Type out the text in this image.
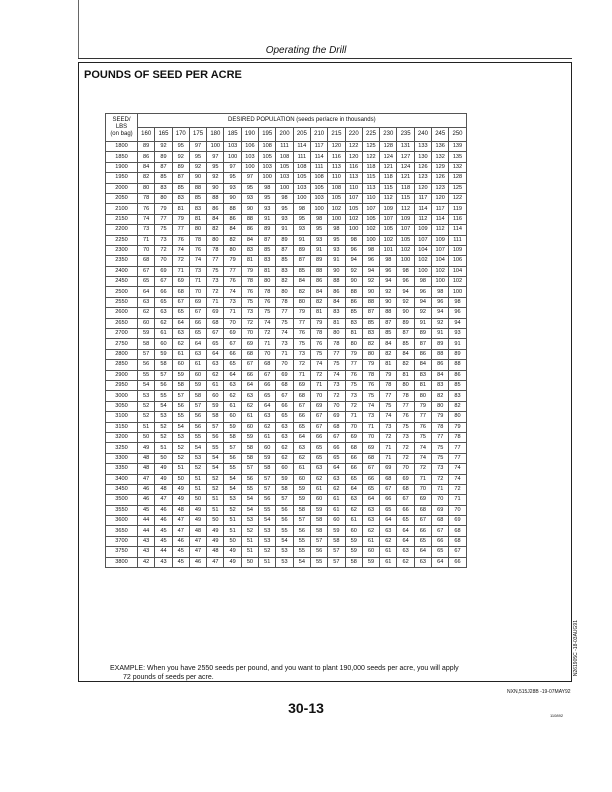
Operating the Drill
POUNDS OF SEED PER ACRE
SEED/
LBS
(on bag)	DESIRED POPULATION (seeds per/acre in thousands)																		
	160	165	170	175	180	185	190	195	200	205	210	215	220	225	230	235	240	245	250
1800	89	92	95	97	100	103	106	108	111	114	117	120	122	125	128	131	133	136	139
1850	86	89	92	95	97	100	103	105	108	111	114	116	120	122	124	127	130	132	135
1900	84	87	89	92	95	97	100	103	105	108	111	113	116	118	121	124	126	129	132
1950	82	85	87	90	92	95	97	100	103	105	108	110	113	115	118	121	123	126	128
2000	80	83	85	88	90	93	95	98	100	103	105	108	110	113	115	118	120	123	125
2050	78	80	83	85	88	90	93	95	98	100	103	105	107	110	112	115	117	120	122
2100	76	79	81	83	86	88	90	93	95	98	100	102	105	107	109	112	114	117	119
2150	74	77	79	81	84	86	88	91	93	95	98	100	102	105	107	109	112	114	116
2200	73	75	77	80	82	84	86	89	91	93	95	98	100	102	105	107	109	112	114
2250	71	73	76	78	80	82	84	87	89	91	93	95	98	100	102	105	107	109	111
2300	70	72	74	76	78	80	83	85	87	89	91	93	96	98	101	102	104	107	109
2350	68	70	72	74	77	79	81	83	85	87	89	91	94	96	98	100	102	104	106
2400	67	69	71	73	75	77	79	81	83	85	88	90	92	94	96	98	100	102	104
2450	65	67	69	71	73	76	78	80	82	84	86	88	90	92	94	96	98	100	102
2500	64	66	68	70	72	74	76	78	80	82	84	86	88	90	92	94	96	98	100
2550	63	65	67	69	71	73	75	76	78	80	82	84	86	88	90	92	94	96	98
2600	62	63	65	67	69	71	73	75	77	79	81	83	85	87	88	90	92	94	96
2650	60	62	64	66	68	70	72	74	75	77	79	81	83	85	87	89	91	92	94
2700	59	61	63	65	67	69	70	72	74	76	78	80	81	83	85	87	89	91	93
2750	58	60	62	64	65	67	69	71	73	75	76	78	80	82	84	85	87	89	91
2800	57	59	61	63	64	66	68	70	71	73	75	77	79	80	82	84	86	88	89
2850	56	58	60	61	63	65	67	68	70	72	74	75	77	79	81	82	84	86	88
2900	55	57	59	60	62	64	66	67	69	71	72	74	76	78	79	81	83	84	86
2950	54	56	58	59	61	63	64	66	68	69	71	73	75	76	78	80	81	83	85
3000	53	55	57	58	60	62	63	65	67	68	70	72	73	75	77	78	80	82	83
3050	52	54	56	57	59	61	62	64	66	67	69	70	72	74	75	77	79	80	82
3100	52	53	55	56	58	60	61	63	65	66	67	69	71	73	74	76	77	79	80
3150	51	52	54	56	57	59	60	62	63	65	67	68	70	71	73	75	76	78	79
3200	50	52	53	55	56	58	59	61	63	64	66	67	69	70	72	73	75	77	78
3250	49	51	52	54	55	57	58	60	62	63	65	66	68	69	71	72	74	75	77
3300	48	50	52	53	54	56	58	59	62	62	65	65	66	68	71	72	74	75	77
3350	48	49	51	52	54	55	57	58	60	61	63	64	66	67	69	70	72	73	74
3400	47	49	50	51	52	54	56	57	59	60	62	63	65	66	68	69	71	72	74
3450	46	48	49	51	52	54	55	57	58	59	61	62	64	65	67	68	70	71	72
3500	46	47	49	50	51	53	54	56	57	59	60	61	63	64	66	67	69	70	71
3550	45	46	48	49	51	52	54	55	56	58	59	61	62	63	65	66	68	69	70
3600	44	46	47	49	50	51	53	54	56	57	58	60	61	63	64	65	67	68	69
3650	44	45	47	48	49	51	52	53	55	56	58	59	60	62	63	64	66	67	68
3700	43	45	46	47	49	50	51	53	54	55	57	58	59	61	62	64	65	66	68
3750	43	44	45	47	48	49	51	52	53	55	56	57	59	60	61	63	64	65	67
3800	42	43	45	46	47	49	50	51	53	54	55	57	58	59	61	62	63	64	66
EXAMPLE: When you have 2550 seeds per pound, and you want to plant 190,000 seeds per acre, you will apply
72 pounds of seeds per acre.
NXN,515J28B -19-07MAY92
30-13	110892
N261905C -18-03AUG91
